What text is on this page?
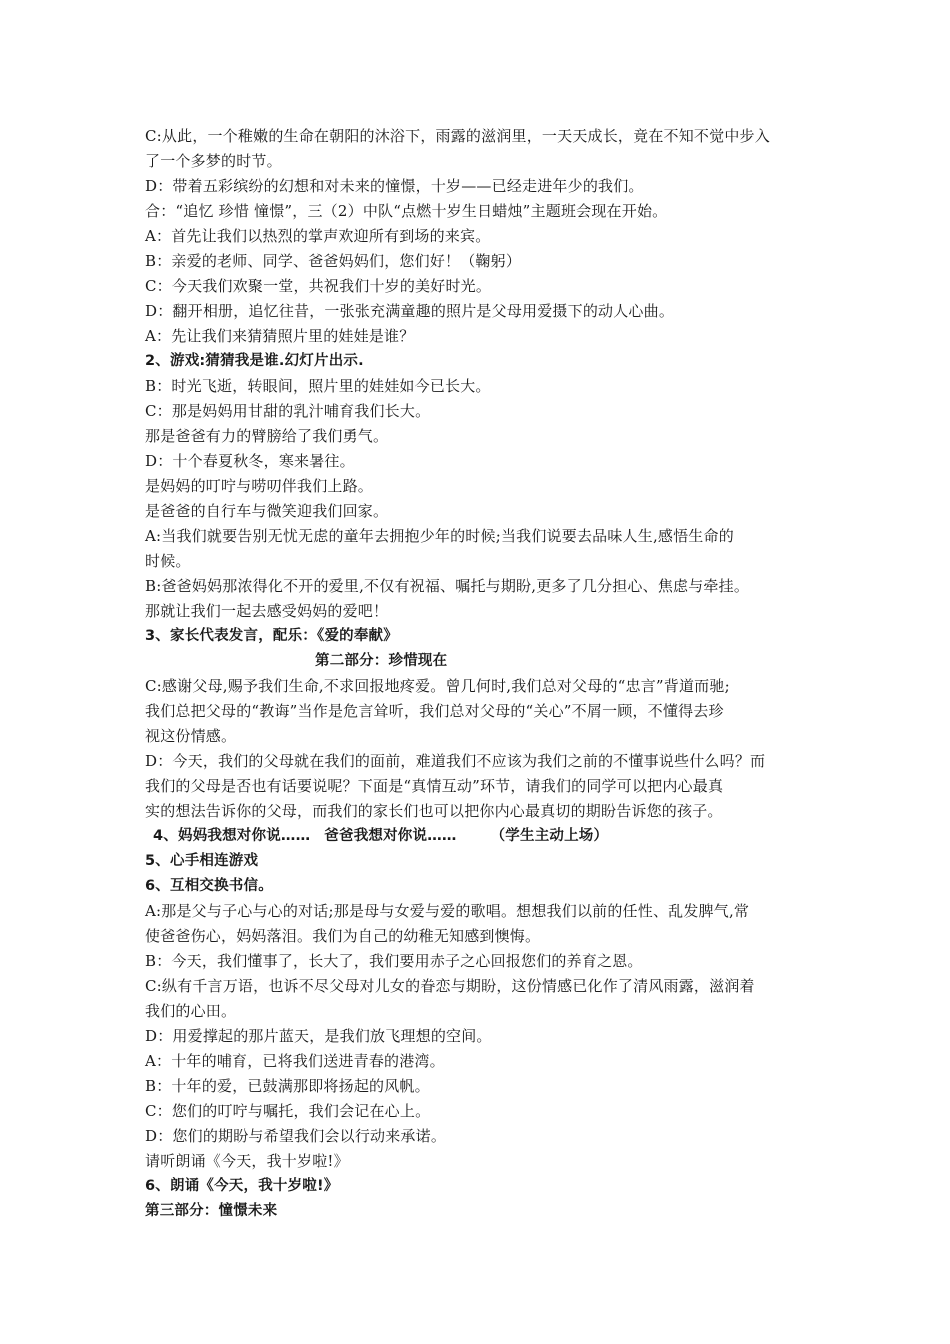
C:从此，一个稚嫩的生命在朝阳的沐浴下，雨露的滋润里，一天天成长，竟在不知不觉中步入
了一个多梦的时节。
D：带着五彩缤纷的幻想和对未来的憧憬，十岁——已经走进年少的我们。
合：“追忆 珍惜 憧憬”，三（2）中队“点燃十岁生日蜡烛”主题班会现在开始。
A：首先让我们以热烈的掌声欢迎所有到场的来宾。
B：亲爱的老师、同学、爸爸妈妈们，您们好！（鞠躬）
C：今天我们欢聚一堂，共祝我们十岁的美好时光。
D：翻开相册，追忆往昔，一张张充满童趣的照片是父母用爱摄下的动人心曲。
A：先让我们来猜猜照片里的娃娃是谁？
2、游戏:猜猜我是谁.幻灯片出示.
B：时光飞逝，转眼间，照片里的娃娃如今已长大。
C：那是妈妈用甘甜的乳汁哺育我们长大。
那是爸爸有力的臂膀给了我们勇气。
D：十个春夏秋冬，寒来暑往。
是妈妈的叮咛与唠叨伴我们上路。
是爸爸的自行车与微笑迎我们回家。
A:当我们就要告别无忧无虑的童年去拥抱少年的时候;当我们说要去品味人生,感悟生命的
时候。
B:爸爸妈妈那浓得化不开的爱里,不仅有祝福、嘱托与期盼,更多了几分担心、焦虑与牵挂。
那就让我们一起去感受妈妈的爱吧！
3、家长代表发言，配乐：《爱的奉献》
第二部分：珍惜现在
C:感谢父母,赐予我们生命,不求回报地疼爱。曾几何时,我们总对父母的“忠言”背道而驰;
我们总把父母的“教诲”当作是危言耸听，我们总对父母的“关心”不屑一顾，不懂得去珍
视这份情感。
D：今天，我们的父母就在我们的面前，难道我们不应该为我们之前的不懂事说些什么吗？而
我们的父母是否也有话要说呢？下面是“真情互动”环节，请我们的同学可以把内心最真
实的想法告诉你的父母，而我们的家长们也可以把你内心最真切的期盼告诉您的孩子。
4、妈妈我想对你说…… 爸爸我想对你说…… （学生主动上场）
5、心手相连游戏
6、互相交换书信。
A:那是父与子心与心的对话;那是母与女爱与爱的歌唱。想想我们以前的任性、乱发脾气,常
使爸爸伤心，妈妈落泪。我们为自己的幼稚无知感到懊悔。
B：今天，我们懂事了，长大了，我们要用赤子之心回报您们的养育之恩。
C:纵有千言万语，也诉不尽父母对儿女的眷恋与期盼，这份情感已化作了清风雨露，滋润着
我们的心田。
D：用爱撑起的那片蓝天，是我们放飞理想的空间。
A：十年的哺育，已将我们送进青春的港湾。
B：十年的爱，已鼓满那即将扬起的风帆。
C：您们的叮咛与嘱托，我们会记在心上。
D：您们的期盼与希望我们会以行动来承诺。
请听朗诵《今天，我十岁啦!》
6、朗诵《今天，我十岁啦!》
第三部分：憧憬未来
